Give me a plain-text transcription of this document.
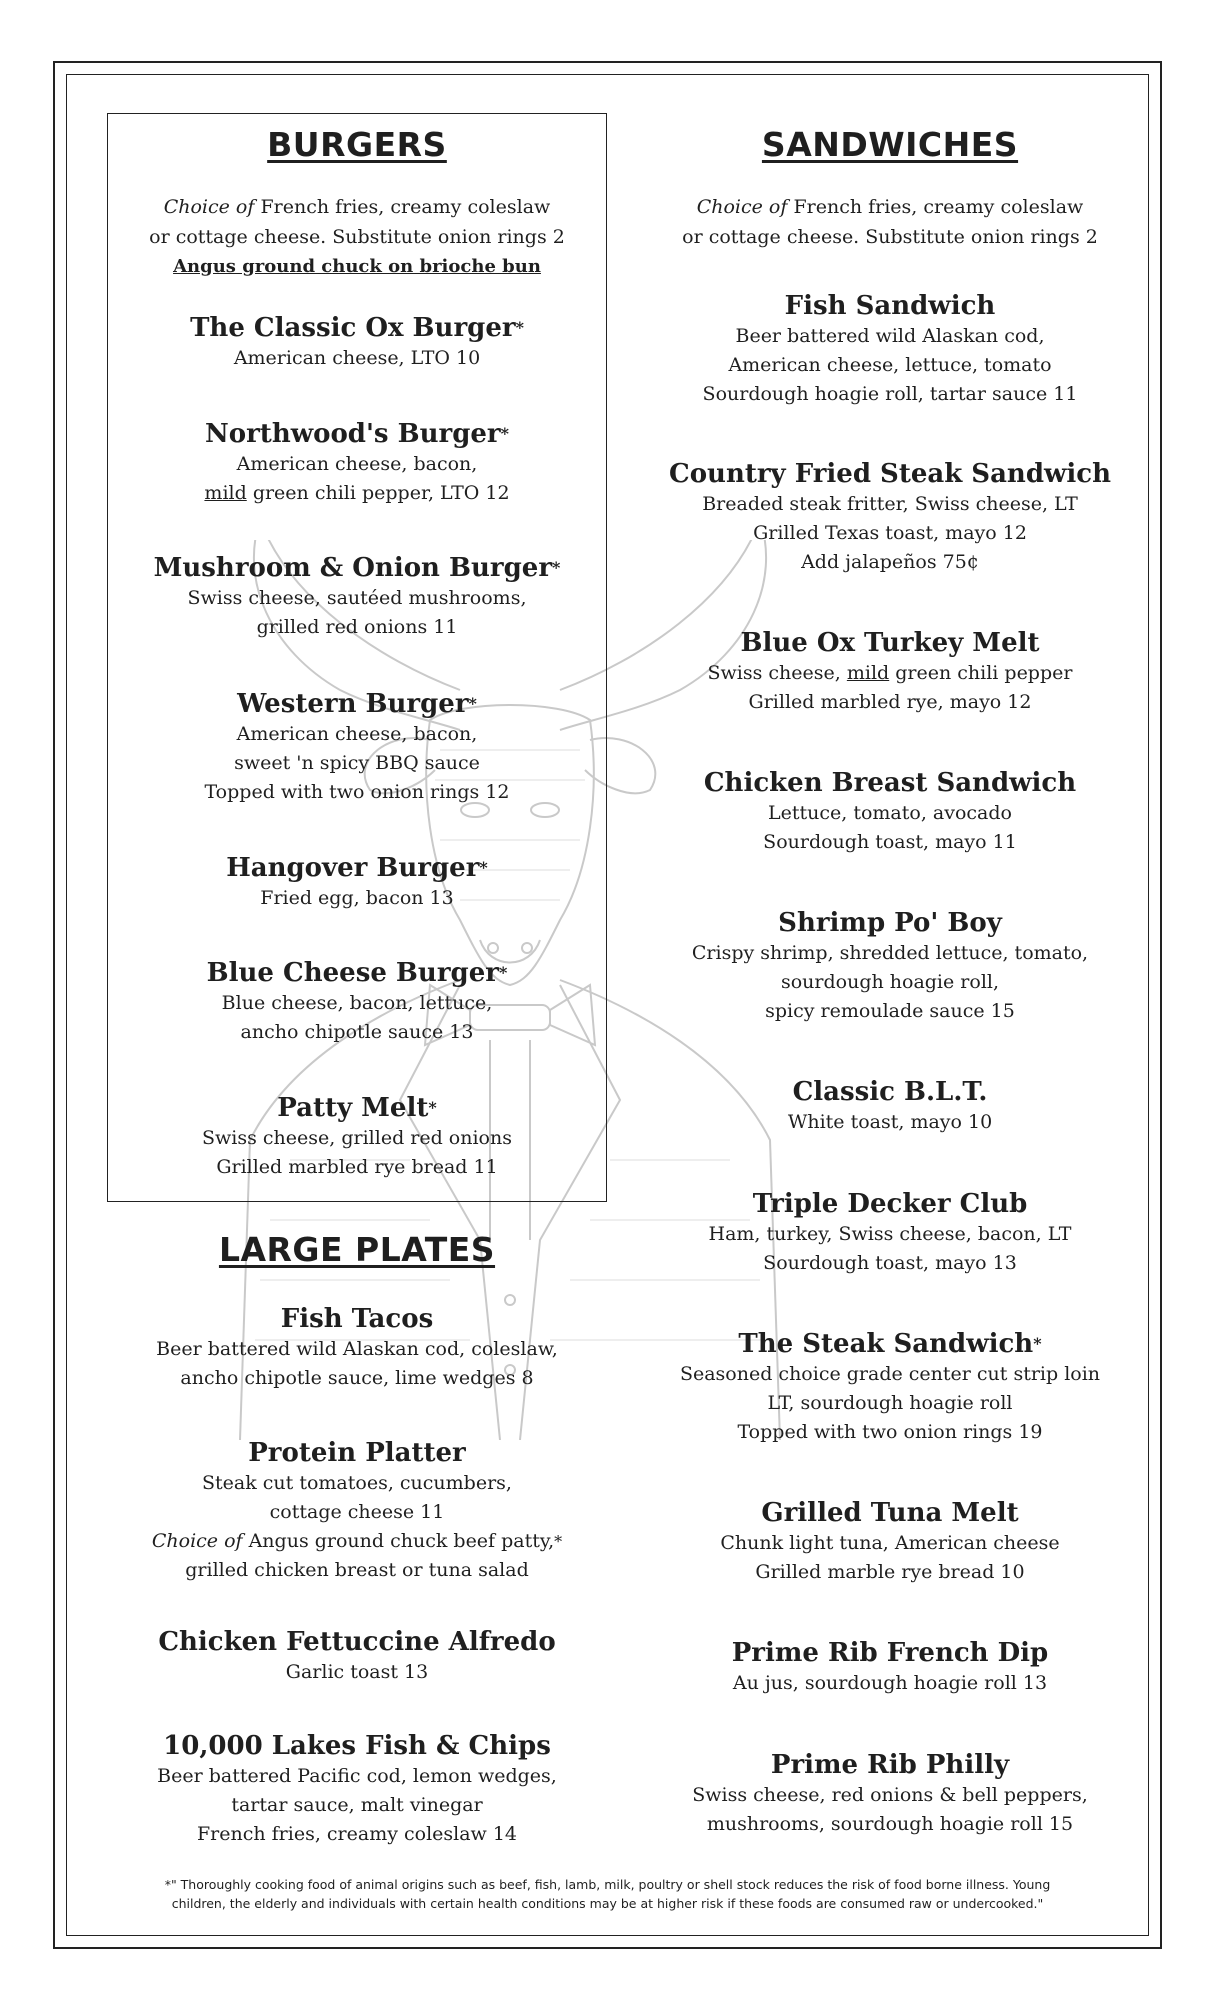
BURGERS
Choice of French fries, creamy coleslaw
or cottage cheese. Substitute onion rings 2
Angus ground chuck on brioche bun
The Classic Ox Burger*
American cheese, LTO 10
Northwood's Burger*
American cheese, bacon,
mild green chili pepper, LTO 12
Mushroom & Onion Burger*
Swiss cheese, sautéed mushrooms,
grilled red onions 11
Western Burger*
American cheese, bacon,
sweet 'n spicy BBQ sauce
Topped with two onion rings 12
Hangover Burger*
Fried egg, bacon 13
Blue Cheese Burger*
Blue cheese, bacon, lettuce,
ancho chipotle sauce 13
Patty Melt*
Swiss cheese, grilled red onions
Grilled marbled rye bread 11
LARGE PLATES
Fish Tacos
Beer battered wild Alaskan cod, coleslaw,
ancho chipotle sauce, lime wedges 8
Protein Platter
Steak cut tomatoes, cucumbers,
cottage cheese 11
Choice of Angus ground chuck beef patty,*
grilled chicken breast or tuna salad
Chicken Fettuccine Alfredo
Garlic toast 13
10,000 Lakes Fish & Chips
Beer battered Pacific cod, lemon wedges,
tartar sauce, malt vinegar
French fries, creamy coleslaw 14
SANDWICHES
Choice of French fries, creamy coleslaw
or cottage cheese. Substitute onion rings 2
Fish Sandwich
Beer battered wild Alaskan cod,
American cheese, lettuce, tomato
Sourdough hoagie roll, tartar sauce 11
Country Fried Steak Sandwich
Breaded steak fritter, Swiss cheese, LT
Grilled Texas toast, mayo 12
Add jalapeños 75¢
Blue Ox Turkey Melt
Swiss cheese, mild green chili pepper
Grilled marbled rye, mayo 12
Chicken Breast Sandwich
Lettuce, tomato, avocado
Sourdough toast, mayo 11
Shrimp Po' Boy
Crispy shrimp, shredded lettuce, tomato,
sourdough hoagie roll,
spicy remoulade sauce 15
Classic B.L.T.
White toast, mayo 10
Triple Decker Club
Ham, turkey, Swiss cheese, bacon, LT
Sourdough toast, mayo 13
The Steak Sandwich*
Seasoned choice grade center cut strip loin
LT, sourdough hoagie roll
Topped with two onion rings 19
Grilled Tuna Melt
Chunk light tuna, American cheese
Grilled marble rye bread 10
Prime Rib French Dip
Au jus, sourdough hoagie roll 13
Prime Rib Philly
Swiss cheese, red onions & bell peppers,
mushrooms, sourdough hoagie roll 15
*" Thoroughly cooking food of animal origins such as beef, fish, lamb, milk, poultry or shell stock reduces the risk of food borne illness. Young
children, the elderly and individuals with certain health conditions may be at higher risk if these foods are consumed raw or undercooked."
